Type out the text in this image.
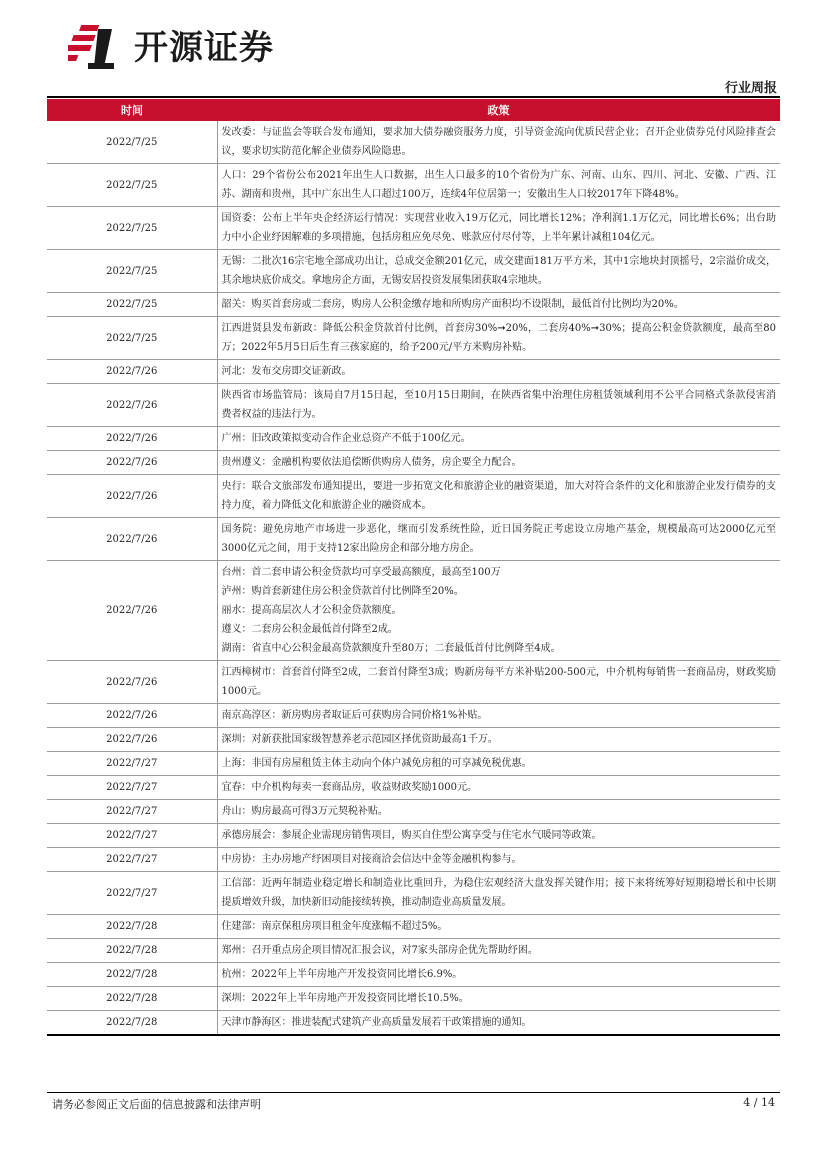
开源证券
行业周报
时间	政策
2022/7/25	发改委：与证监会等联合发布通知，要求加大债券融资服务力度，引导资金流向优质民营企业；召开企业债券兑付风险排查会议，要求切实防范化解企业债券风险隐患。

2022/7/25	人口：29个省份公布2021年出生人口数据，出生人口最多的10个省份为广东、河南、山东、四川、河北、安徽、广西、江苏、湖南和贵州，其中广东出生人口超过100万，连续4年位居第一；安徽出生人口较2017年下降48%。

2022/7/25	国资委：公布上半年央企经济运行情况：实现营业收入19万亿元，同比增长12%；净利润1.1万亿元，同比增长6%；出台助力中小企业纾困解难的多项措施，包括房租应免尽免、账款应付尽付等，上半年累计减租104亿元。

2022/7/25	无锡：二批次16宗宅地全部成功出让，总成交金额201亿元，成交建面181万平方米，其中1宗地块封顶摇号，2宗溢价成交，其余地块底价成交。拿地房企方面，无锡安居投资发展集团获取4宗地块。

2022/7/25	韶关：购买首套房或二套房，购房人公积金缴存地和所购房产面积均不设限制，最低首付比例均为20%。

2022/7/25	江西进贤县发布新政：降低公积金贷款首付比例，首套房30%➞20%，二套房40%➞30%；提高公积金贷款额度，最高至80万；2022年5月5日后生育三孩家庭的，给予200元/平方米购房补贴。

2022/7/26	河北：发布交房即交证新政。

2022/7/26	陕西省市场监管局：该局自7月15日起，至10月15日期间，在陕西省集中治理住房租赁领域利用不公平合同格式条款侵害消费者权益的违法行为。

2022/7/26	广州：旧改政策拟变动合作企业总资产不低于100亿元。

2022/7/26	贵州遵义：金融机构要依法追偿断供购房人债务，房企要全力配合。

2022/7/26	央行：联合文旅部发布通知提出，要进一步拓宽文化和旅游企业的融资渠道，加大对符合条件的文化和旅游企业发行债券的支持力度，着力降低文化和旅游企业的融资成本。

2022/7/26	国务院：避免房地产市场进一步恶化，继而引发系统性险，近日国务院正考虑设立房地产基金，规模最高可达2000亿元至3000亿元之间，用于支持12家出险房企和部分地方房企。

2022/7/26	台州：首二套申请公积金贷款均可享受最高额度，最高至100万
泸州：购首套新建住房公积金贷款首付比例降至20%。
丽水：提高高层次人才公积金贷款额度。
遵义：二套房公积金最低首付降至2成。
湖南：省直中心公积金最高贷款额度升至80万；二套最低首付比例降至4成。

2022/7/26	江西樟树市：首套首付降至2成，二套首付降至3成；购新房每平方米补贴200-500元，中介机构每销售一套商品房，财政奖励1000元。

2022/7/26	南京高淳区：新房购房者取证后可获购房合同价格1%补贴。

2022/7/26	深圳：对新获批国家级智慧养老示范园区择优资助最高1千万。

2022/7/27	上海：非国有房屋租赁主体主动向个体户减免房租的可享减免税优惠。

2022/7/27	宜春：中介机构每卖一套商品房，收益财政奖励1000元。

2022/7/27	舟山：购房最高可得3万元契税补贴。

2022/7/27	承德房展会：参展企业需现房销售项目，购买自住型公寓享受与住宅水气暖同等政策。

2022/7/27	中房协：主办房地产纾困项目对接商洽会信达中金等金融机构参与。

2022/7/27	工信部：近两年制造业稳定增长和制造业比重回升，为稳住宏观经济大盘发挥关键作用；接下来将统筹好短期稳增长和中长期提质增效升级，加快新旧动能接续转换，推动制造业高质量发展。

2022/7/28	住建部：南京保租房项目租金年度涨幅不超过5%。

2022/7/28	郑州：召开重点房企项目情况汇报会议，对7家头部房企优先帮助纾困。

2022/7/28	杭州：2022年上半年房地产开发投资同比增长6.9%。

2022/7/28	深圳：2022年上半年房地产开发投资同比增长10.5%。

2022/7/28	天津市静海区：推进装配式建筑产业高质量发展若干政策措施的通知。
请务必参阅正文后面的信息披露和法律声明	4 / 14
